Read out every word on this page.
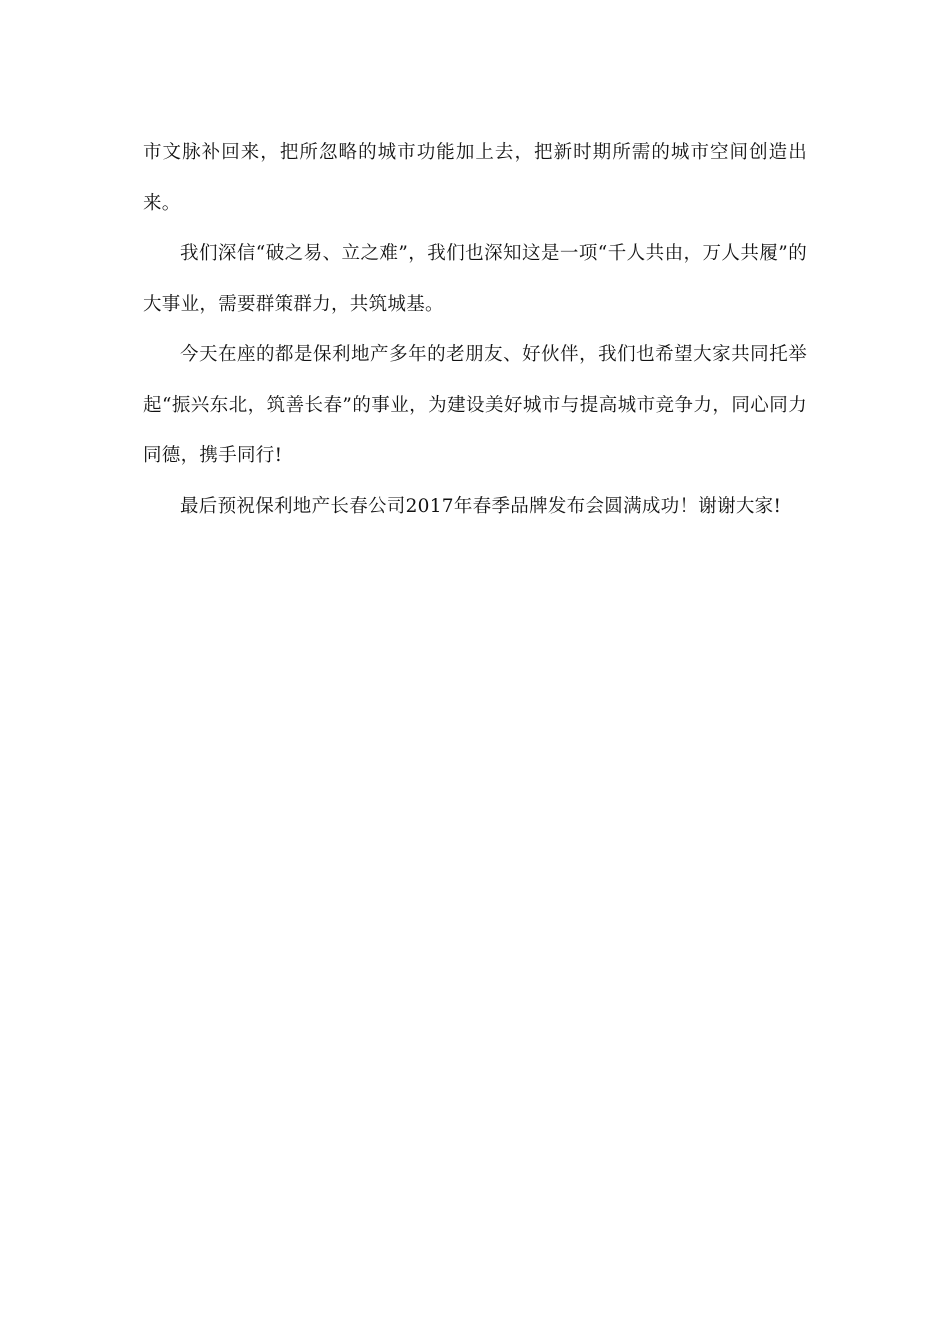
市文脉补回来，把所忽略的城市功能加上去，把新时期所需的城市空间创造出来。

我们深信“破之易、立之难”，我们也深知这是一项“千人共由，万人共履”的大事业，需要群策群力，共筑城基。

今天在座的都是保利地产多年的老朋友、好伙伴，我们也希望大家共同托举起“振兴东北，筑善长春”的事业，为建设美好城市与提高城市竞争力，同心同力同德，携手同行!

最后预祝保利地产长春公司2017年春季品牌发布会圆满成功！谢谢大家!
